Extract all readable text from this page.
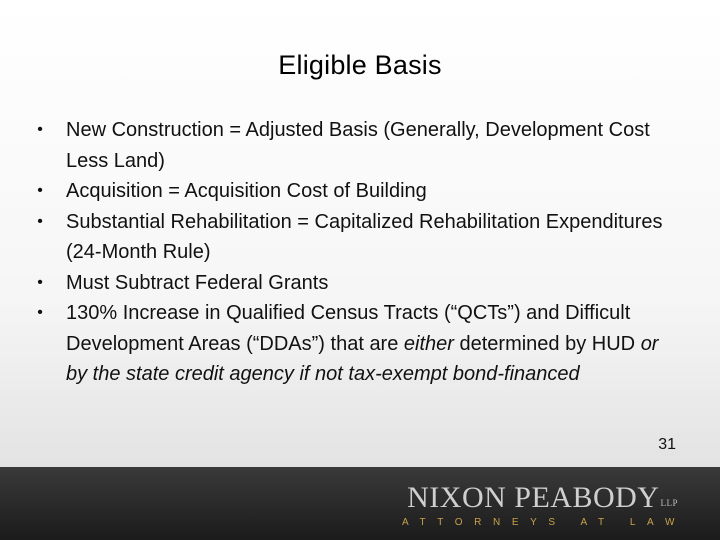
Eligible Basis
•	New Construction = Adjusted Basis (Generally, Development Cost Less Land)
•	Acquisition = Acquisition Cost of Building
•	Substantial Rehabilitation = Capitalized Rehabilitation Expenditures (24-Month Rule)
•	Must Subtract Federal Grants
•	130% Increase in Qualified Census Tracts (“QCTs”) and Difficult Development Areas (“DDAs”) that are either determined by HUD or by the state credit agency if not tax-exempt bond-financed
31
NIXON PEABODYLLP
ATTORNEYS AT LAW
